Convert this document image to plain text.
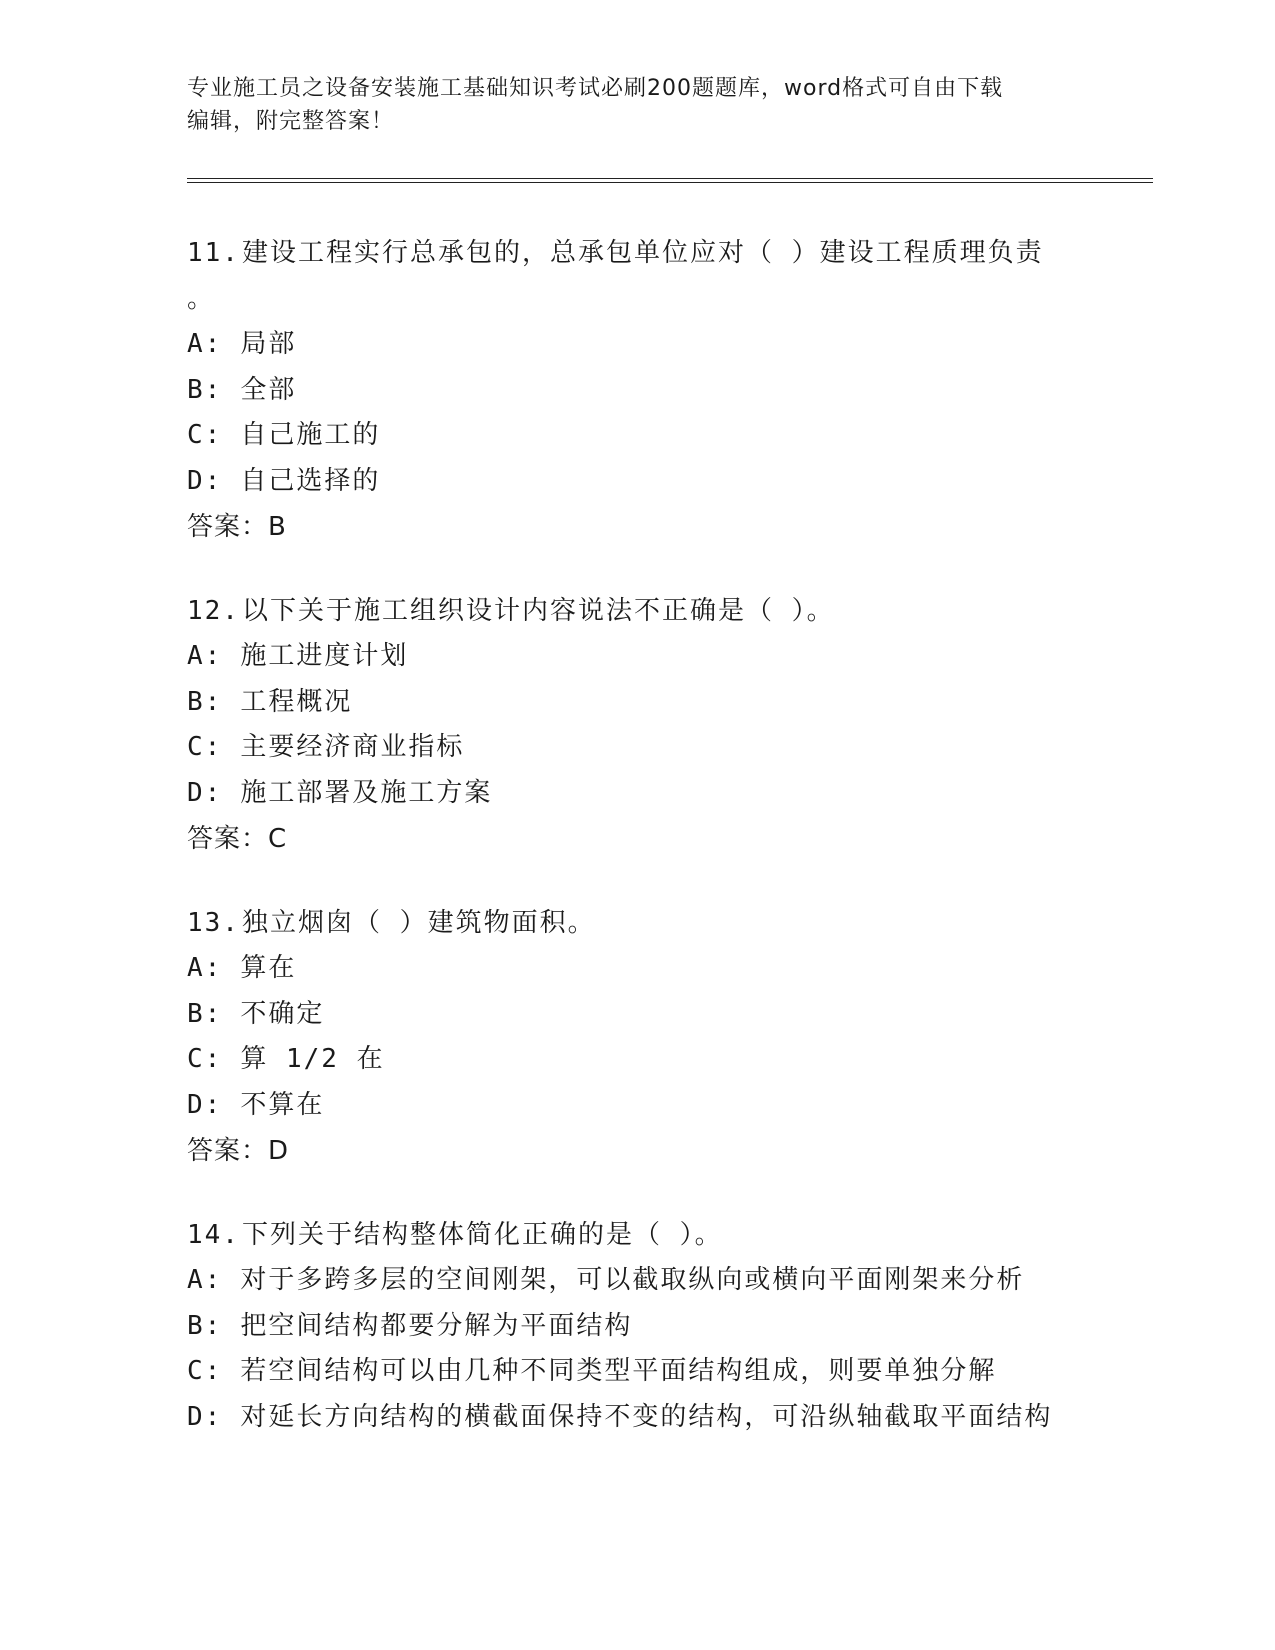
专业施工员之设备安装施工基础知识考试必刷200题题库，word格式可自由下载
编辑，附完整答案！
11.建设工程实行总承包的，总承包单位应对（ ）建设工程质理负责
。
A: 局部
B: 全部
C: 自己施工的
D: 自己选择的
答案：B
12.以下关于施工组织设计内容说法不正确是（ ）。
A: 施工进度计划
B: 工程概况
C: 主要经济商业指标
D: 施工部署及施工方案
答案：C
13.独立烟囱（ ）建筑物面积。
A: 算在
B: 不确定
C: 算 1/2 在
D: 不算在
答案：D
14.下列关于结构整体简化正确的是（ ）。
A: 对于多跨多层的空间刚架，可以截取纵向或横向平面刚架来分析
B: 把空间结构都要分解为平面结构
C: 若空间结构可以由几种不同类型平面结构组成，则要单独分解
D: 对延长方向结构的横截面保持不变的结构，可沿纵轴截取平面结构
